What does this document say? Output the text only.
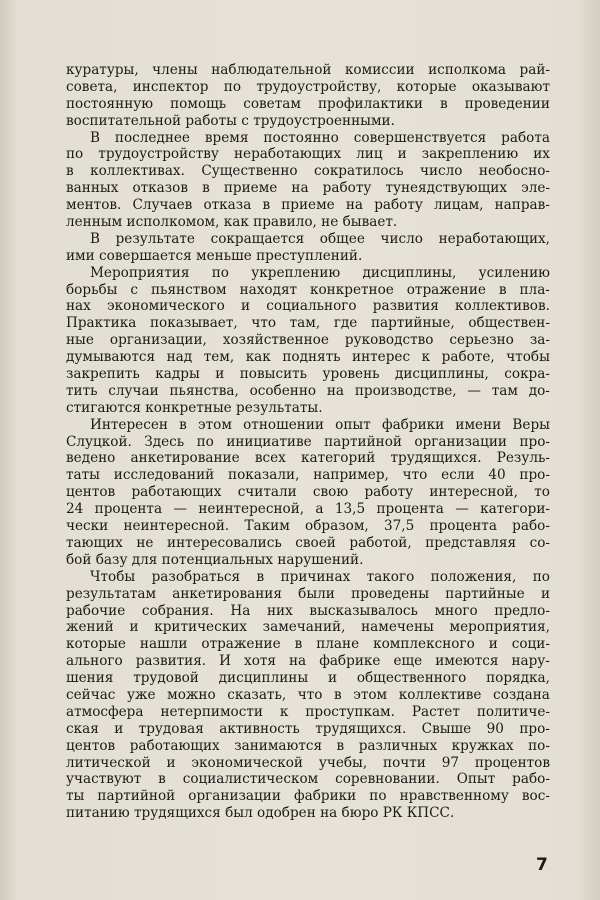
куратуры, члены наблюдательной комиссии исполкома рай-
совета, инспектор по трудоустройству, которые оказывают
постоянную помощь советам профилактики в проведении
воспитательной работы с трудоустроенными.
В последнее время постоянно совершенствуется работа
по трудоустройству неработающих лиц и закреплению их
в коллективах. Существенно сократилось число необосно-
ванных отказов в приеме на работу тунеядствующих эле-
ментов. Случаев отказа в приеме на работу лицам, направ-
ленным исполкомом, как правило, не бывает.
В результате сокращается общее число неработающих,
ими совершается меньше преступлений.
Мероприятия по укреплению дисциплины, усилению
борьбы с пьянством находят конкретное отражение в пла-
нах экономического и социального развития коллективов.
Практика показывает, что там, где партийные, обществен-
ные организации, хозяйственное руководство серьезно за-
думываются над тем, как поднять интерес к работе, чтобы
закрепить кадры и повысить уровень дисциплины, сокра-
тить случаи пьянства, особенно на производстве, — там до-
стигаются конкретные результаты.
Интересен в этом отношении опыт фабрики имени Веры
Слуцкой. Здесь по инициативе партийной организации про-
ведено анкетирование всех категорий трудящихся. Резуль-
таты исследований показали, например, что если 40 про-
центов работающих считали свою работу интересной, то
24 процента — неинтересной, а 13,5 процента — категори-
чески неинтересной. Таким образом, 37,5 процента рабо-
тающих не интересовались своей работой, представляя со-
бой базу для потенциальных нарушений.
Чтобы разобраться в причинах такого положения, по
результатам анкетирования были проведены партийные и
рабочие собрания. На них высказывалось много предло-
жений и критических замечаний, намечены мероприятия,
которые нашли отражение в плане комплексного и соци-
ального развития. И хотя на фабрике еще имеются нару-
шения трудовой дисциплины и общественного порядка,
сейчас уже можно сказать, что в этом коллективе создана
атмосфера нетерпимости к проступкам. Растет политиче-
ская и трудовая активность трудящихся. Свыше 90 про-
центов работающих занимаются в различных кружках по-
литической и экономической учебы, почти 97 процентов
участвуют в социалистическом соревновании. Опыт рабо-
ты партийной организации фабрики по нравственному вос-
питанию трудящихся был одобрен на бюро РК КПСС.
7
